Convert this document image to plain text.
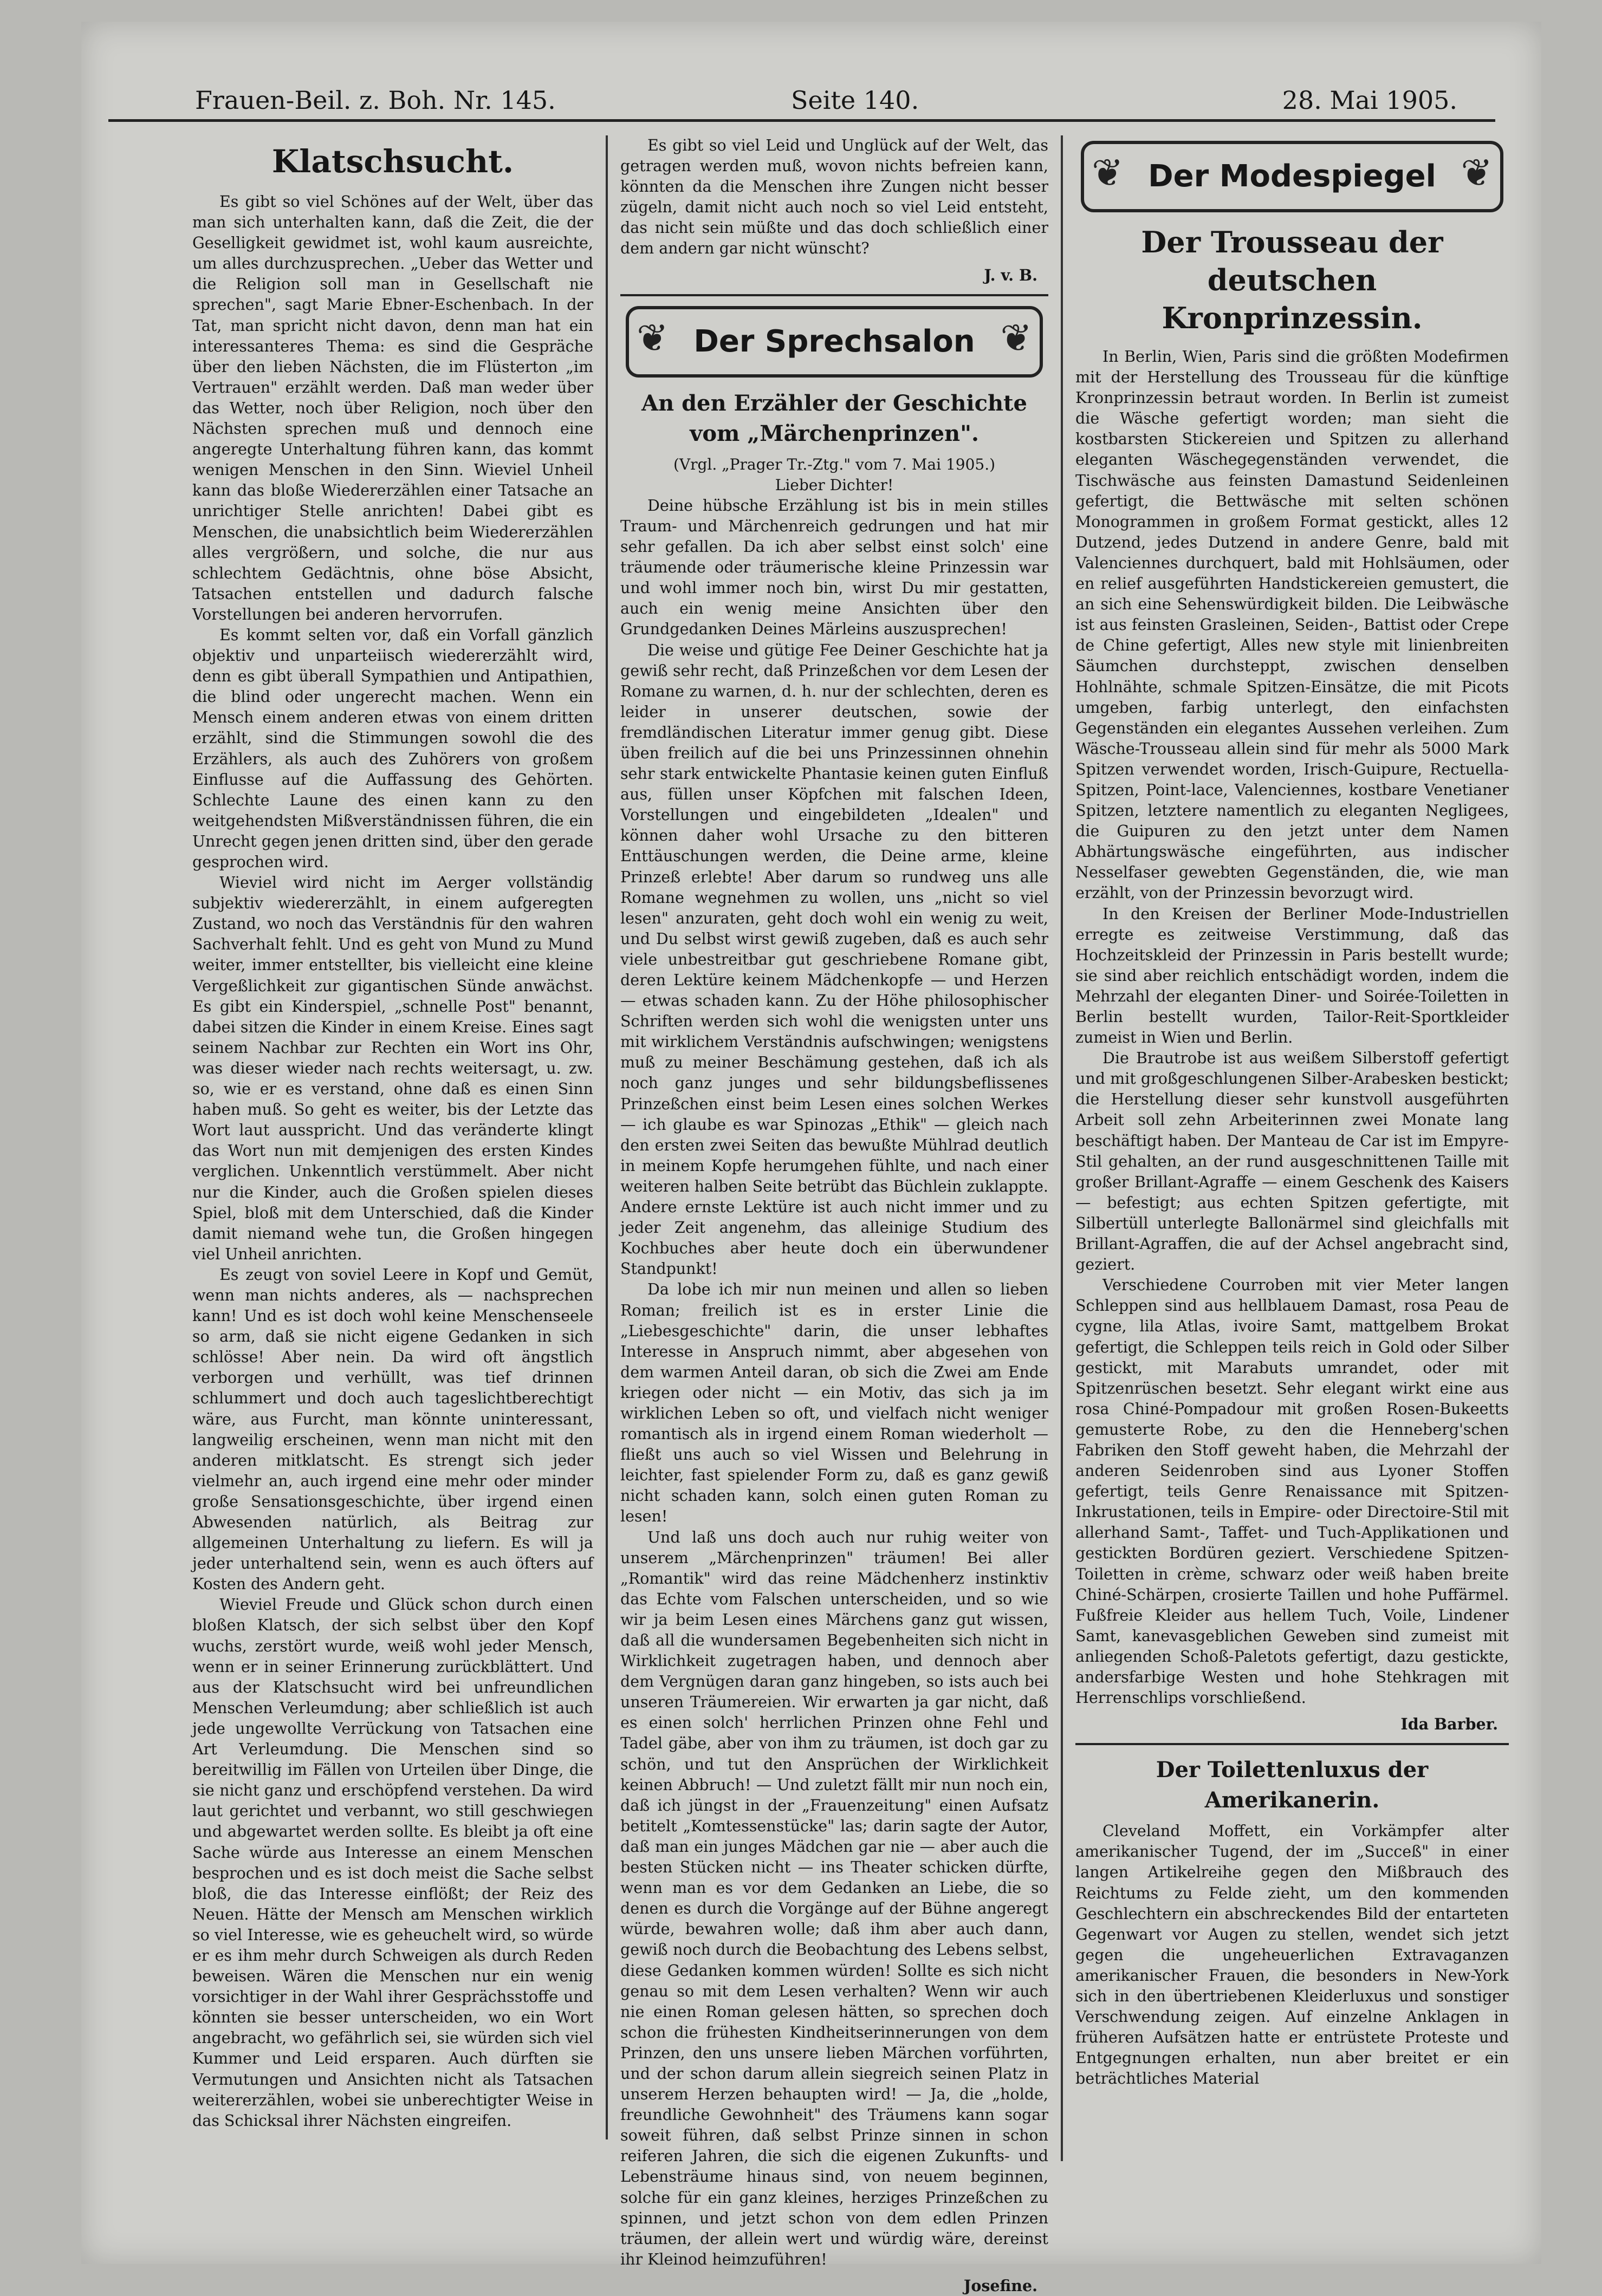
Frauen-Beil. z. Boh. Nr. 145.	Seite 140.	28. Mai 1905.
Klatschsucht.

Es gibt so viel Schönes auf der Welt, über das man sich unterhalten kann, daß die Zeit, die der Geselligkeit gewidmet ist, wohl kaum ausreichte, um alles durchzusprechen. „Ueber das Wetter und die Religion soll man in Gesellschaft nie sprechen", sagt Marie Ebner-Eschenbach. In der Tat, man spricht nicht davon, denn man hat ein interessanteres Thema: es sind die Gespräche über den lieben Nächsten, die im Flüsterton „im Vertrauen" erzählt werden. Daß man weder über das Wetter, noch über Religion, noch über den Nächsten sprechen muß und dennoch eine angeregte Unterhaltung führen kann, das kommt wenigen Menschen in den Sinn. Wieviel Unheil kann das bloße Wiedererzählen einer Tatsache an unrichtiger Stelle anrichten! Dabei gibt es Menschen, die unabsichtlich beim Wiedererzählen alles vergrößern, und solche, die nur aus schlechtem Gedächtnis, ohne böse Absicht, Tatsachen entstellen und dadurch falsche Vorstellungen bei anderen hervorrufen.

Es kommt selten vor, daß ein Vorfall gänzlich objektiv und unparteiisch wiedererzählt wird, denn es gibt überall Sympathien und Antipathien, die blind oder ungerecht machen. Wenn ein Mensch einem anderen etwas von einem dritten erzählt, sind die Stimmungen sowohl die des Erzählers, als auch des Zuhörers von großem Einflusse auf die Auffassung des Gehörten. Schlechte Laune des einen kann zu den weitgehendsten Mißverständnissen führen, die ein Unrecht gegen jenen dritten sind, über den gerade gesprochen wird.

Wieviel wird nicht im Aerger vollständig subjektiv wiedererzählt, in einem aufgeregten Zustand, wo noch das Verständnis für den wahren Sachverhalt fehlt. Und es geht von Mund zu Mund weiter, immer entstellter, bis vielleicht eine kleine Vergeßlichkeit zur gigantischen Sünde anwächst. Es gibt ein Kinderspiel, „schnelle Post" benannt, dabei sitzen die Kinder in einem Kreise. Eines sagt seinem Nachbar zur Rechten ein Wort ins Ohr, was dieser wieder nach rechts weitersagt, u. zw. so, wie er es verstand, ohne daß es einen Sinn haben muß. So geht es weiter, bis der Letzte das Wort laut ausspricht. Und das veränderte klingt das Wort nun mit demjenigen des ersten Kindes verglichen. Unkenntlich verstümmelt. Aber nicht nur die Kinder, auch die Großen spielen dieses Spiel, bloß mit dem Unterschied, daß die Kinder damit niemand wehe tun, die Großen hingegen viel Unheil anrichten.

Es zeugt von soviel Leere in Kopf und Gemüt, wenn man nichts anderes, als — nachsprechen kann! Und es ist doch wohl keine Menschenseele so arm, daß sie nicht eigene Gedanken in sich schlösse! Aber nein. Da wird oft ängstlich verborgen und verhüllt, was tief drinnen schlummert und doch auch tageslichtberechtigt wäre, aus Furcht, man könnte uninteressant, langweilig erscheinen, wenn man nicht mit den anderen mitklatscht. Es strengt sich jeder vielmehr an, auch irgend eine mehr oder minder große Sensationsgeschichte, über irgend einen Abwesenden natürlich, als Beitrag zur allgemeinen Unterhaltung zu liefern. Es will ja jeder unterhaltend sein, wenn es auch öfters auf Kosten des Andern geht.

Wieviel Freude und Glück schon durch einen bloßen Klatsch, der sich selbst über den Kopf wuchs, zerstört wurde, weiß wohl jeder Mensch, wenn er in seiner Erinnerung zurückblättert. Und aus der Klatschsucht wird bei unfreundlichen Menschen Verleumdung; aber schließlich ist auch jede ungewollte Verrückung von Tatsachen eine Art Verleumdung. Die Menschen sind so bereitwillig im Fällen von Urteilen über Dinge, die sie nicht ganz und erschöpfend verstehen. Da wird laut gerichtet und verbannt, wo still geschwiegen und abgewartet werden sollte. Es bleibt ja oft eine Sache würde aus Interesse an einem Menschen besprochen und es ist doch meist die Sache selbst bloß, die das Interesse einflößt; der Reiz des Neuen. Hätte der Mensch am Menschen wirklich so viel Interesse, wie es geheuchelt wird, so würde er es ihm mehr durch Schweigen als durch Reden beweisen. Wären die Menschen nur ein wenig vorsichtiger in der Wahl ihrer Gesprächsstoffe und könnten sie besser unterscheiden, wo ein Wort angebracht, wo gefährlich sei, sie würden sich viel Kummer und Leid ersparen. Auch dürften sie Vermutungen und Ansichten nicht als Tatsachen weitererzählen, wobei sie unberechtigter Weise in das Schicksal ihrer Nächsten eingreifen.

Es gibt so viel Leid und Unglück auf der Welt, das getragen werden muß, wovon nichts befreien kann, könnten da die Menschen ihre Zungen nicht besser zügeln, damit nicht auch noch so viel Leid entsteht, das nicht sein müßte und das doch schließlich einer dem andern gar nicht wünscht?

J. v. B.
❦ Der Sprechsalon ❦
An den Erzähler der Geschichte vom „Märchenprinzen".

(Vrgl. „Prager Tr.-Ztg." vom 7. Mai 1905.)

Lieber Dichter!

Deine hübsche Erzählung ist bis in mein stilles Traum- und Märchenreich gedrungen und hat mir sehr gefallen. Da ich aber selbst einst solch' eine träumende oder träumerische kleine Prinzessin war und wohl immer noch bin, wirst Du mir gestatten, auch ein wenig meine Ansichten über den Grundgedanken Deines Märleins auszusprechen!

Die weise und gütige Fee Deiner Geschichte hat ja gewiß sehr recht, daß Prinzeßchen vor dem Lesen der Romane zu warnen, d. h. nur der schlechten, deren es leider in unserer deutschen, sowie der fremdländischen Literatur immer genug gibt. Diese üben freilich auf die bei uns Prinzessinnen ohnehin sehr stark entwickelte Phantasie keinen guten Einfluß aus, füllen unser Köpfchen mit falschen Ideen, Vorstellungen und eingebildeten „Idealen" und können daher wohl Ursache zu den bitteren Enttäuschungen werden, die Deine arme, kleine Prinzeß erlebte! Aber darum so rundweg uns alle Romane wegnehmen zu wollen, uns „nicht so viel lesen" anzuraten, geht doch wohl ein wenig zu weit, und Du selbst wirst gewiß zugeben, daß es auch sehr viele unbestreitbar gut geschriebene Romane gibt, deren Lektüre keinem Mädchenkopfe — und Herzen — etwas schaden kann. Zu der Höhe philosophischer Schriften werden sich wohl die wenigsten unter uns mit wirklichem Verständnis aufschwingen; wenigstens muß zu meiner Beschämung gestehen, daß ich als noch ganz junges und sehr bildungsbeflissenes Prinzeßchen einst beim Lesen eines solchen Werkes — ich glaube es war Spinozas „Ethik" — gleich nach den ersten zwei Seiten das bewußte Mühlrad deutlich in meinem Kopfe herumgehen fühlte, und nach einer weiteren halben Seite betrübt das Büchlein zuklappte. Andere ernste Lektüre ist auch nicht immer und zu jeder Zeit angenehm, das alleinige Studium des Kochbuches aber heute doch ein überwundener Standpunkt!

Da lobe ich mir nun meinen und allen so lieben Roman; freilich ist es in erster Linie die „Liebesgeschichte" darin, die unser lebhaftes Interesse in Anspruch nimmt, aber abgesehen von dem warmen Anteil daran, ob sich die Zwei am Ende kriegen oder nicht — ein Motiv, das sich ja im wirklichen Leben so oft, und vielfach nicht weniger romantisch als in irgend einem Roman wiederholt — fließt uns auch so viel Wissen und Belehrung in leichter, fast spielender Form zu, daß es ganz gewiß nicht schaden kann, solch einen guten Roman zu lesen!

Und laß uns doch auch nur ruhig weiter von unserem „Märchenprinzen" träumen! Bei aller „Romantik" wird das reine Mädchenherz instinktiv das Echte vom Falschen unterscheiden, und so wie wir ja beim Lesen eines Märchens ganz gut wissen, daß all die wundersamen Begebenheiten sich nicht in Wirklichkeit zugetragen haben, und dennoch aber dem Vergnügen daran ganz hingeben, so ists auch bei unseren Träumereien. Wir erwarten ja gar nicht, daß es einen solch' herrlichen Prinzen ohne Fehl und Tadel gäbe, aber von ihm zu träumen, ist doch gar zu schön, und tut den Ansprüchen der Wirklichkeit keinen Abbruch! — Und zuletzt fällt mir nun noch ein, daß ich jüngst in der „Frauenzeitung" einen Aufsatz betitelt „Komtessenstücke" las; darin sagte der Autor, daß man ein junges Mädchen gar nie — aber auch die besten Stücken nicht — ins Theater schicken dürfte, wenn man es vor dem Gedanken an Liebe, die so denen es durch die Vorgänge auf der Bühne angeregt würde, bewahren wolle; daß ihm aber auch dann, gewiß noch durch die Beobachtung des Lebens selbst, diese Gedanken kommen würden! Sollte es sich nicht genau so mit dem Lesen verhalten? Wenn wir auch nie einen Roman gelesen hätten, so sprechen doch schon die frühesten Kindheitserinnerungen von dem Prinzen, den uns unsere lieben Märchen vorführten, und der schon darum allein siegreich seinen Platz in unserem Herzen behaupten wird! — Ja, die „holde, freundliche Gewohnheit" des Träumens kann sogar soweit führen, daß selbst Prinze sinnen in schon reiferen Jahren, die sich die eigenen Zukunfts- und Lebensträume hinaus sind, von neuem beginnen, solche für ein ganz kleines, herziges Prinzeßchen zu spinnen, und jetzt schon von dem edlen Prinzen träumen, der allein wert und würdig wäre, dereinst ihr Kleinod heimzuführen!

Josefine.
❦ Der Modespiegel ❦
Der Trousseau der deutschen Kronprinzessin.

In Berlin, Wien, Paris sind die größten Modefirmen mit der Herstellung des Trousseau für die künftige Kronprinzessin betraut worden. In Berlin ist zumeist die Wäsche gefertigt worden; man sieht die kostbarsten Stickereien und Spitzen zu allerhand eleganten Wäschegegenständen verwendet, die Tischwäsche aus feinsten Damastund Seidenleinen gefertigt, die Bettwäsche mit selten schönen Monogrammen in großem Format gestickt, alles 12 Dutzend, jedes Dutzend in andere Genre, bald mit Valenciennes durchquert, bald mit Hohlsäumen, oder en relief ausgeführten Handstickereien gemustert, die an sich eine Sehenswürdigkeit bilden. Die Leibwäsche ist aus feinsten Grasleinen, Seiden-, Battist oder Crepe de Chine gefertigt, Alles new style mit linienbreiten Säumchen durchsteppt, zwischen denselben Hohlnähte, schmale Spitzen-Einsätze, die mit Picots umgeben, farbig unterlegt, den einfachsten Gegenständen ein elegantes Aussehen verleihen. Zum Wäsche-Trousseau allein sind für mehr als 5000 Mark Spitzen verwendet worden, Irisch-Guipure, Rectuella-Spitzen, Point-lace, Valenciennes, kostbare Venetianer Spitzen, letztere namentlich zu eleganten Negligees, die Guipuren zu den jetzt unter dem Namen Abhärtungswäsche eingeführten, aus indischer Nesselfaser gewebten Gegenständen, die, wie man erzählt, von der Prinzessin bevorzugt wird.

In den Kreisen der Berliner Mode-Industriellen erregte es zeitweise Verstimmung, daß das Hochzeitskleid der Prinzessin in Paris bestellt wurde; sie sind aber reichlich entschädigt worden, indem die Mehrzahl der eleganten Diner- und Soirée-Toiletten in Berlin bestellt wurden, Tailor-Reit-Sportkleider zumeist in Wien und Berlin.

Die Brautrobe ist aus weißem Silberstoff gefertigt und mit großgeschlungenen Silber-Arabesken bestickt; die Herstellung dieser sehr kunstvoll ausgeführten Arbeit soll zehn Arbeiterinnen zwei Monate lang beschäftigt haben. Der Manteau de Car ist im Empyre-Stil gehalten, an der rund ausgeschnittenen Taille mit großer Brillant-Agraffe — einem Geschenk des Kaisers — befestigt; aus echten Spitzen gefertigte, mit Silbertüll unterlegte Ballonärmel sind gleichfalls mit Brillant-Agraffen, die auf der Achsel angebracht sind, geziert.

Verschiedene Courroben mit vier Meter langen Schleppen sind aus hellblauem Damast, rosa Peau de cygne, lila Atlas, ivoire Samt, mattgelbem Brokat gefertigt, die Schleppen teils reich in Gold oder Silber gestickt, mit Marabuts umrandet, oder mit Spitzenrüschen besetzt. Sehr elegant wirkt eine aus rosa Chiné-Pompadour mit großen Rosen-Bukeetts gemusterte Robe, zu den die Henneberg'schen Fabriken den Stoff geweht haben, die Mehrzahl der anderen Seidenroben sind aus Lyoner Stoffen gefertigt, teils Genre Renaissance mit Spitzen-Inkrustationen, teils in Empire- oder Directoire-Stil mit allerhand Samt-, Taffet- und Tuch-Applikationen und gestickten Bordüren geziert. Verschiedene Spitzen-Toiletten in crème, schwarz oder weiß haben breite Chiné-Schärpen, crosierte Taillen und hohe Puffärmel. Fußfreie Kleider aus hellem Tuch, Voile, Lindener Samt, kanevasgeblichen Geweben sind zumeist mit anliegenden Schoß-Paletots gefertigt, dazu gestickte, andersfarbige Westen und hohe Stehkragen mit Herrenschlips vorschließend.

Ida Barber.
Der Toilettenluxus der Amerikanerin.

Cleveland Moffett, ein Vorkämpfer alter amerikanischer Tugend, der im „Succeß" in einer langen Artikelreihe gegen den Mißbrauch des Reichtums zu Felde zieht, um den kommenden Geschlechtern ein abschreckendes Bild der entarteten Gegenwart vor Augen zu stellen, wendet sich jetzt gegen die ungeheuerlichen Extravaganzen amerikanischer Frauen, die besonders in New-York sich in den übertriebenen Kleiderluxus und sonstiger Verschwendung zeigen. Auf einzelne Anklagen in früheren Aufsätzen hatte er entrüstete Proteste und Entgegnungen erhalten, nun aber breitet er ein beträchtliches Material
